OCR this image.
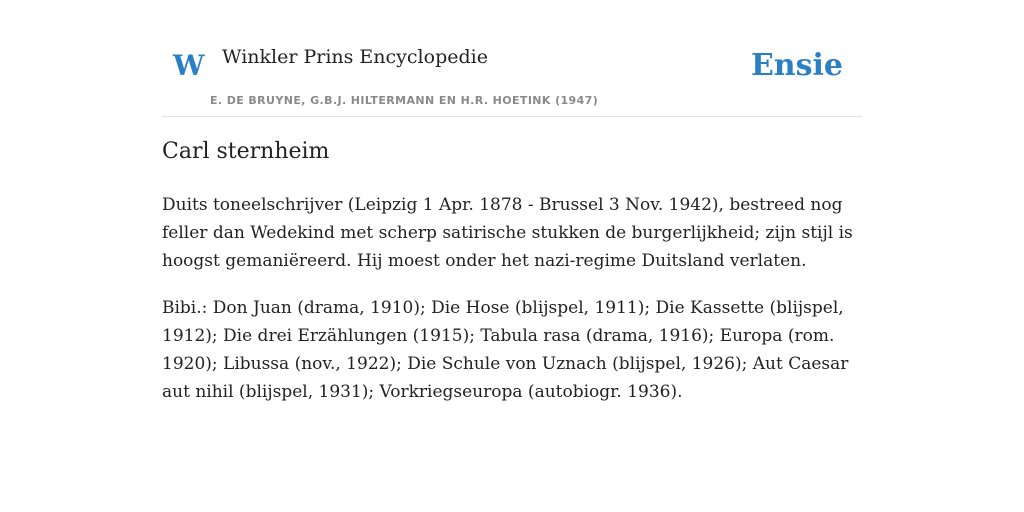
W Winkler Prins Encyclopedie
E. DE BRUYNE, G.B.J. HILTERMANN EN H.R. HOETINK (1947)
Ensie
Carl sternheim

Duits toneelschrijver (Leipzig 1 Apr. 1878 - Brussel 3 Nov. 1942), bestreed nog feller dan Wedekind met scherp satirische stukken de burgerlijkheid; zijn stijl is hoogst gemaniëreerd. Hij moest onder het nazi-regime Duitsland verlaten.

Bibi.: Don Juan (drama, 1910); Die Hose (blijspel, 1911); Die Kassette (blijspel, 1912); Die drei Erzählungen (1915); Tabula rasa (drama, 1916); Europa (rom. 1920); Libussa (nov., 1922); Die Schule von Uznach (blijspel, 1926); Aut Caesar aut nihil (blijspel, 1931); Vorkriegseuropa (autobiogr. 1936).
